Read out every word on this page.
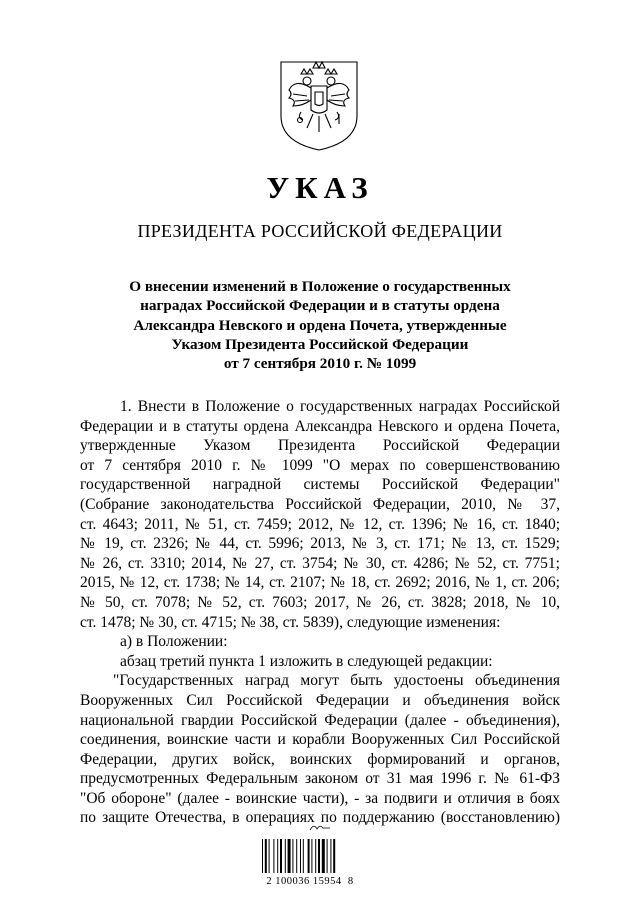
УКАЗ
ПРЕЗИДЕНТА РОССИЙСКОЙ ФЕДЕРАЦИИ
О внесении изменений в Положение о государственных
наградах Российской Федерации и в статуты ордена
Александра Невского и ордена Почета, утвержденные
Указом Президента Российской Федерации
от 7 сентября 2010 г. № 1099
1. Внести в Положение о государственных наградах Российской
Федерации и в статуты ордена Александра Невского и ордена Почета,
утвержденные Указом Президента Российской Федерации
от 7 сентября 2010 г. № 1099 "О мерах по совершенствованию
государственной наградной системы Российской Федерации"
(Собрание законодательства Российской Федерации, 2010, № 37,
ст. 4643; 2011, № 51, ст. 7459; 2012, № 12, ст. 1396; № 16, ст. 1840;
№ 19, ст. 2326; № 44, ст. 5996; 2013, № 3, ст. 171; № 13, ст. 1529;
№ 26, ст. 3310; 2014, № 27, ст. 3754; № 30, ст. 4286; № 52, ст. 7751;
2015, № 12, ст. 1738; № 14, ст. 2107; № 18, ст. 2692; 2016, № 1, ст. 206;
№ 50, ст. 7078; № 52, ст. 7603; 2017, № 26, ст. 3828; 2018, № 10,
ст. 1478; № 30, ст. 4715; № 38, ст. 5839), следующие изменения:
а) в Положении:
абзац третий пункта 1 изложить в следующей редакции:
"Государственных наград могут быть удостоены объединения
Вооруженных Сил Российской Федерации и объединения войск
национальной гвардии Российской Федерации (далее - объединения),
соединения, воинские части и корабли Вооруженных Сил Российской
Федерации, других войск, воинских формирований и органов,
предусмотренных Федеральным законом от 31 мая 1996 г. № 61-ФЗ
"Об обороне" (далее - воинские части), - за подвиги и отличия в боях
по защите Отечества, в операциях по поддержанию (восстановлению)
2 100036 15954  8
